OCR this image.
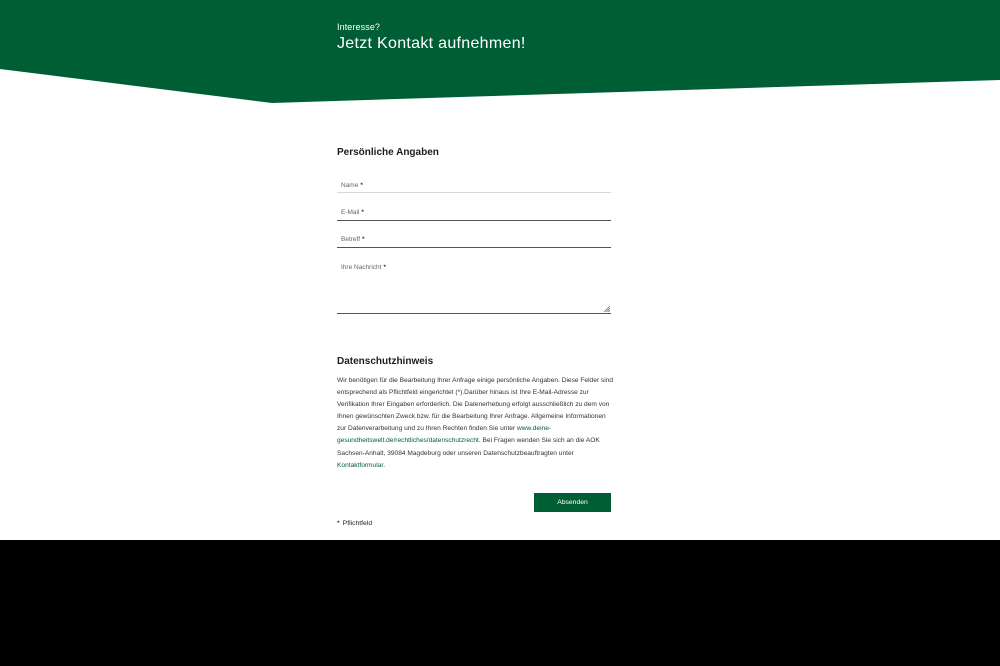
Interesse?
Jetzt Kontakt aufnehmen!
Persönliche Angaben
Name *
E-Mail *
Betreff *
Ihre Nachricht *
Datenschutzhinweis
Wir benötigen für die Bearbeitung Ihrer Anfrage einige persönliche Angaben. Diese Felder sind entsprechend als Pflichtfeld eingerichtet (*).Darüber hinaus ist Ihre E-Mail-Adresse zur Verifikation Ihrer Eingaben erforderlich. Die Datenerhebung erfolgt ausschließlich zu dem von Ihnen gewünschten Zweck bzw. für die Bearbeitung Ihrer Anfrage. Allgemeine Informationen zur Datenverarbeitung und zu Ihren Rechten finden Sie unter www.deine-gesundheitswelt.de/rechtliches/datenschutzrecht. Bei Fragen wenden Sie sich an die AOK Sachsen-Anhalt, 39084 Magdeburg oder unseren Datenschutzbeauftragten unter Kontaktformular.
Absenden
* Pflichtfeld
